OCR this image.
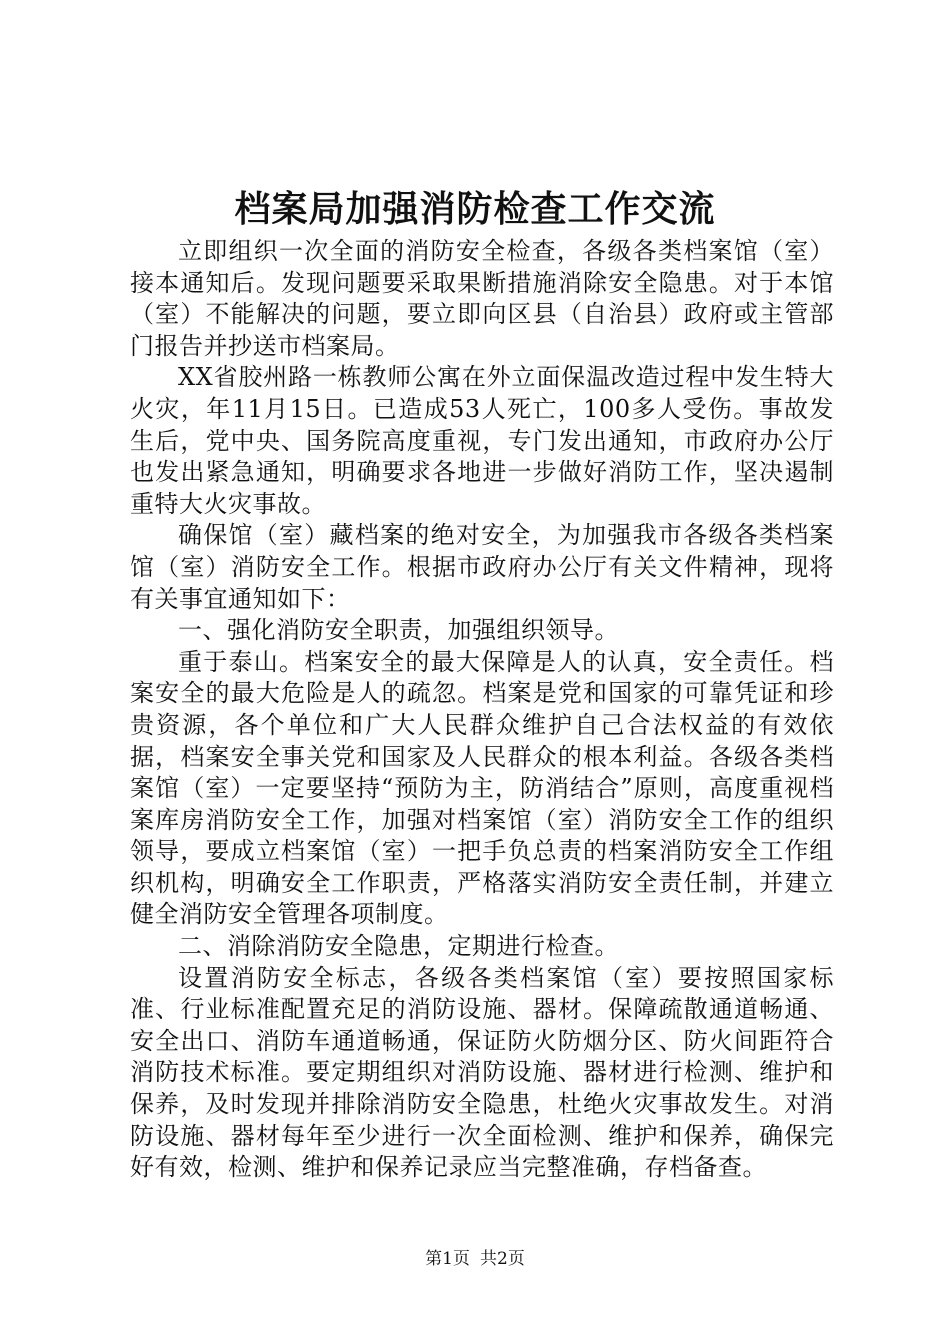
档案局加强消防检查工作交流

立即组织一次全面的消防安全检查，各级各类档案馆（室）接本通知后。发现问题要采取果断措施消除安全隐患。对于本馆（室）不能解决的问题，要立即向区县（自治县）政府或主管部门报告并抄送市档案局。

XX省胶州路一栋教师公寓在外立面保温改造过程中发生特大火灾，年11月15日。已造成53人死亡，100多人受伤。事故发生后，党中央、国务院高度重视，专门发出通知，市政府办公厅也发出紧急通知，明确要求各地进一步做好消防工作，坚决遏制重特大火灾事故。

确保馆（室）藏档案的绝对安全，为加强我市各级各类档案馆（室）消防安全工作。根据市政府办公厅有关文件精神，现将有关事宜通知如下：

一、强化消防安全职责，加强组织领导。

重于泰山。档案安全的最大保障是人的认真，安全责任。档案安全的最大危险是人的疏忽。档案是党和国家的可靠凭证和珍贵资源，各个单位和广大人民群众维护自己合法权益的有效依据，档案安全事关党和国家及人民群众的根本利益。各级各类档案馆（室）一定要坚持“预防为主，防消结合”原则，高度重视档案库房消防安全工作，加强对档案馆（室）消防安全工作的组织领导，要成立档案馆（室）一把手负总责的档案消防安全工作组织机构，明确安全工作职责，严格落实消防安全责任制，并建立健全消防安全管理各项制度。

二、消除消防安全隐患，定期进行检查。

设置消防安全标志，各级各类档案馆（室）要按照国家标准、行业标准配置充足的消防设施、器材。保障疏散通道畅通、安全出口、消防车通道畅通，保证防火防烟分区、防火间距符合消防技术标准。要定期组织对消防设施、器材进行检测、维护和保养，及时发现并排除消防安全隐患，杜绝火灾事故发生。对消防设施、器材每年至少进行一次全面检测、维护和保养，确保完好有效，检测、维护和保养记录应当完整准确，存档备查。

第1页 共2页
